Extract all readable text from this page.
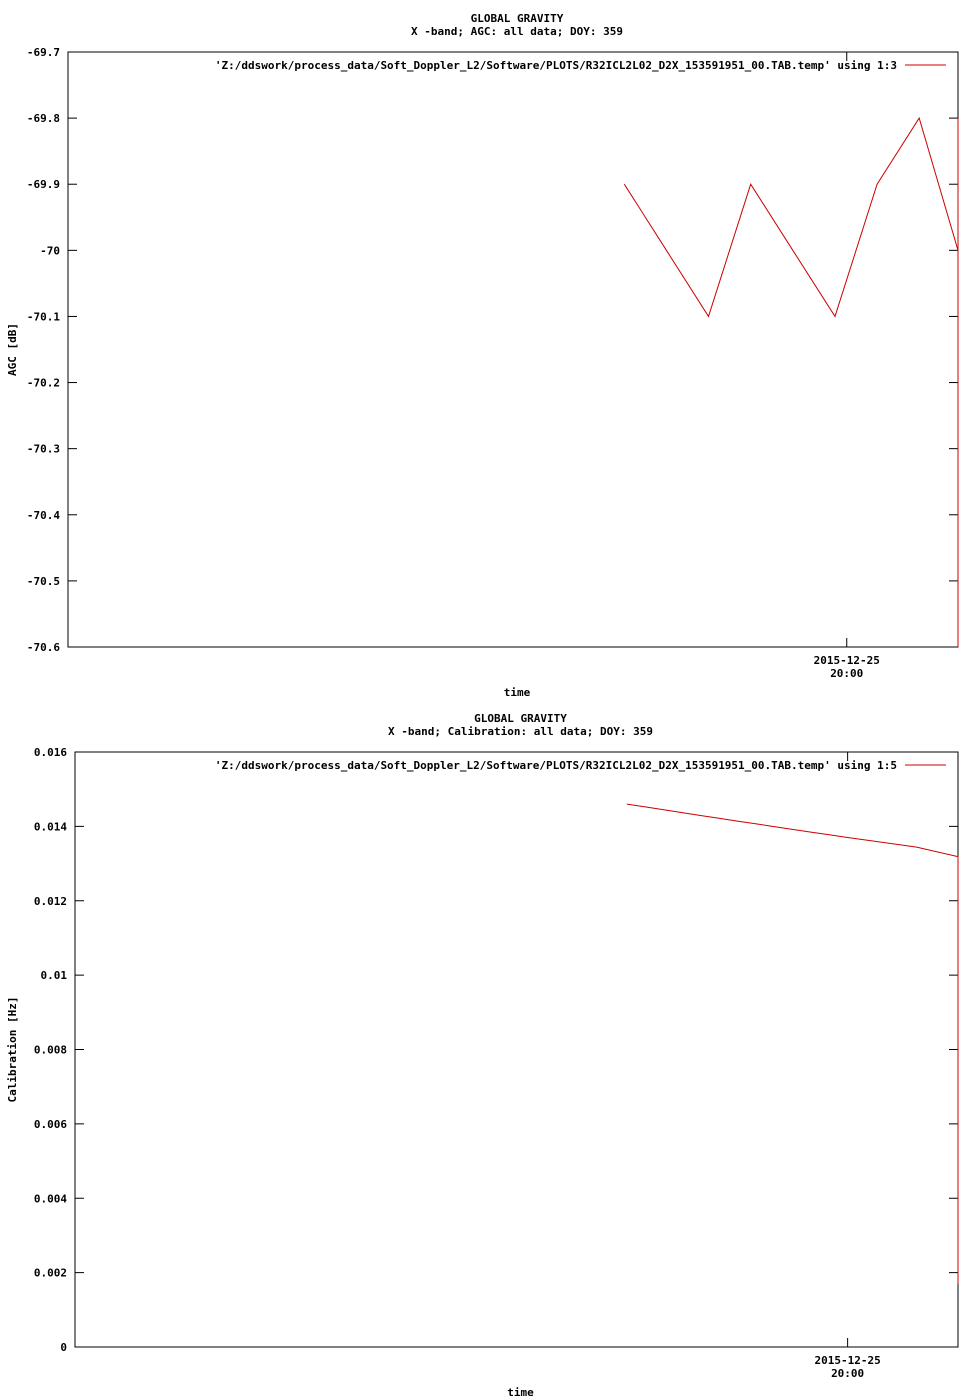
GLOBAL GRAVITY
X -band; AGC: all data; DOY: 359
time
AGC [dB]
-69.7
-69.8
-69.9
-70
-70.1
-70.2
-70.3
-70.4
-70.5
-70.6
2015-12-25
20:00
'Z:/ddswork/process_data/Soft_Doppler_L2/Software/PLOTS/R32ICL2L02_D2X_153591951_00.TAB.temp' using 1:3
GLOBAL GRAVITY
X -band; Calibration: all data; DOY: 359
time
Calibration [Hz]
0.016
0.014
0.012
0.01
0.008
0.006
0.004
0.002
0
2015-12-25
20:00
'Z:/ddswork/process_data/Soft_Doppler_L2/Software/PLOTS/R32ICL2L02_D2X_153591951_00.TAB.temp' using 1:5
